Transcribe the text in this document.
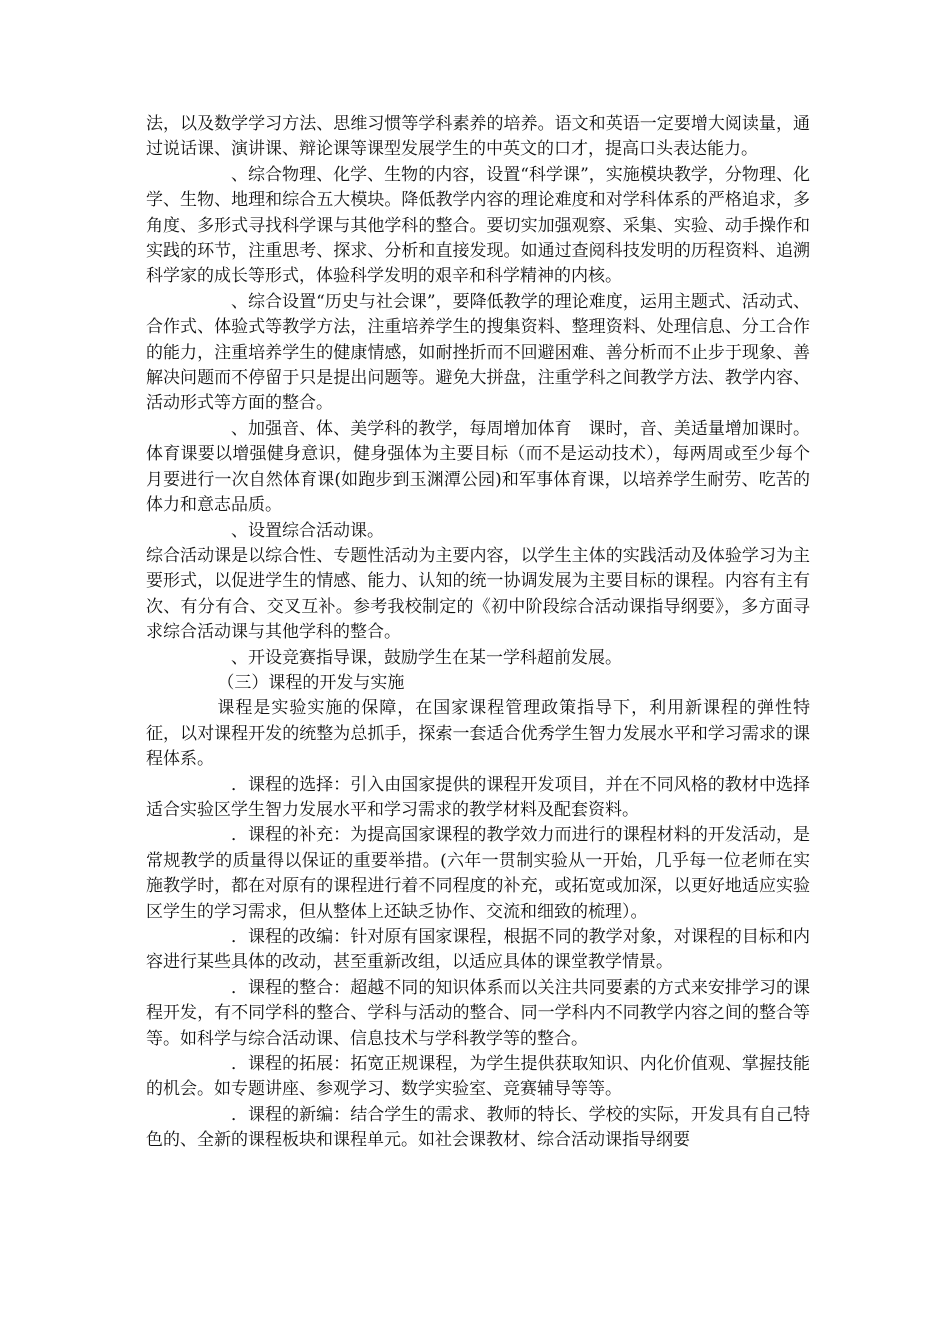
法，以及数学学习方法、思维习惯等学科素养的培养。语文和英语一定要增大阅读量，通过说话课、演讲课、辩论课等课型发展学生的中英文的口才，提高口头表达能力。

、综合物理、化学、生物的内容，设置“科学课”，实施模块教学，分物理、化学、生物、地理和综合五大模块。降低教学内容的理论难度和对学科体系的严格追求，多角度、多形式寻找科学课与其他学科的整合。要切实加强观察、采集、实验、动手操作和实践的环节，注重思考、探求、分析和直接发现。如通过查阅科技发明的历程资料、追溯科学家的成长等形式，体验科学发明的艰辛和科学精神的内核。

、综合设置“历史与社会课”，要降低教学的理论难度，运用主题式、活动式、合作式、体验式等教学方法，注重培养学生的搜集资料、整理资料、处理信息、分工合作的能力，注重培养学生的健康情感，如耐挫折而不回避困难、善分析而不止步于现象、善解决问题而不停留于只是提出问题等。避免大拼盘，注重学科之间教学方法、教学内容、活动形式等方面的整合。

、加强音、体、美学科的教学，每周增加体育　课时，音、美适量增加课时。体育课要以增强健身意识，健身强体为主要目标（而不是运动技术），每两周或至少每个月要进行一次自然体育课(如跑步到玉渊潭公园)和军事体育课，以培养学生耐劳、吃苦的体力和意志品质。

、设置综合活动课。

综合活动课是以综合性、专题性活动为主要内容，以学生主体的实践活动及体验学习为主要形式，以促进学生的情感、能力、认知的统一协调发展为主要目标的课程。内容有主有次、有分有合、交叉互补。参考我校制定的《初中阶段综合活动课指导纲要》，多方面寻求综合活动课与其他学科的整合。

、开设竞赛指导课，鼓励学生在某一学科超前发展。

（三）课程的开发与实施

课程是实验实施的保障，在国家课程管理政策指导下，利用新课程的弹性特征，以对课程开发的统整为总抓手，探索一套适合优秀学生智力发展水平和学习需求的课程体系。

．课程的选择：引入由国家提供的课程开发项目，并在不同风格的教材中选择适合实验区学生智力发展水平和学习需求的教学材料及配套资料。

．课程的补充：为提高国家课程的教学效力而进行的课程材料的开发活动，是常规教学的质量得以保证的重要举措。(六年一贯制实验从一开始，几乎每一位老师在实施教学时，都在对原有的课程进行着不同程度的补充，或拓宽或加深，以更好地适应实验区学生的学习需求，但从整体上还缺乏协作、交流和细致的梳理）。

．课程的改编：针对原有国家课程，根据不同的教学对象，对课程的目标和内容进行某些具体的改动，甚至重新改组，以适应具体的课堂教学情景。

．课程的整合：超越不同的知识体系而以关注共同要素的方式来安排学习的课程开发，有不同学科的整合、学科与活动的整合、同一学科内不同教学内容之间的整合等等。如科学与综合活动课、信息技术与学科教学等的整合。

．课程的拓展：拓宽正规课程，为学生提供获取知识、内化价值观、掌握技能的机会。如专题讲座、参观学习、数学实验室、竞赛辅导等等。

．课程的新编：结合学生的需求、教师的特长、学校的实际，开发具有自己特色的、全新的课程板块和课程单元。如社会课教材、综合活动课指导纲要
